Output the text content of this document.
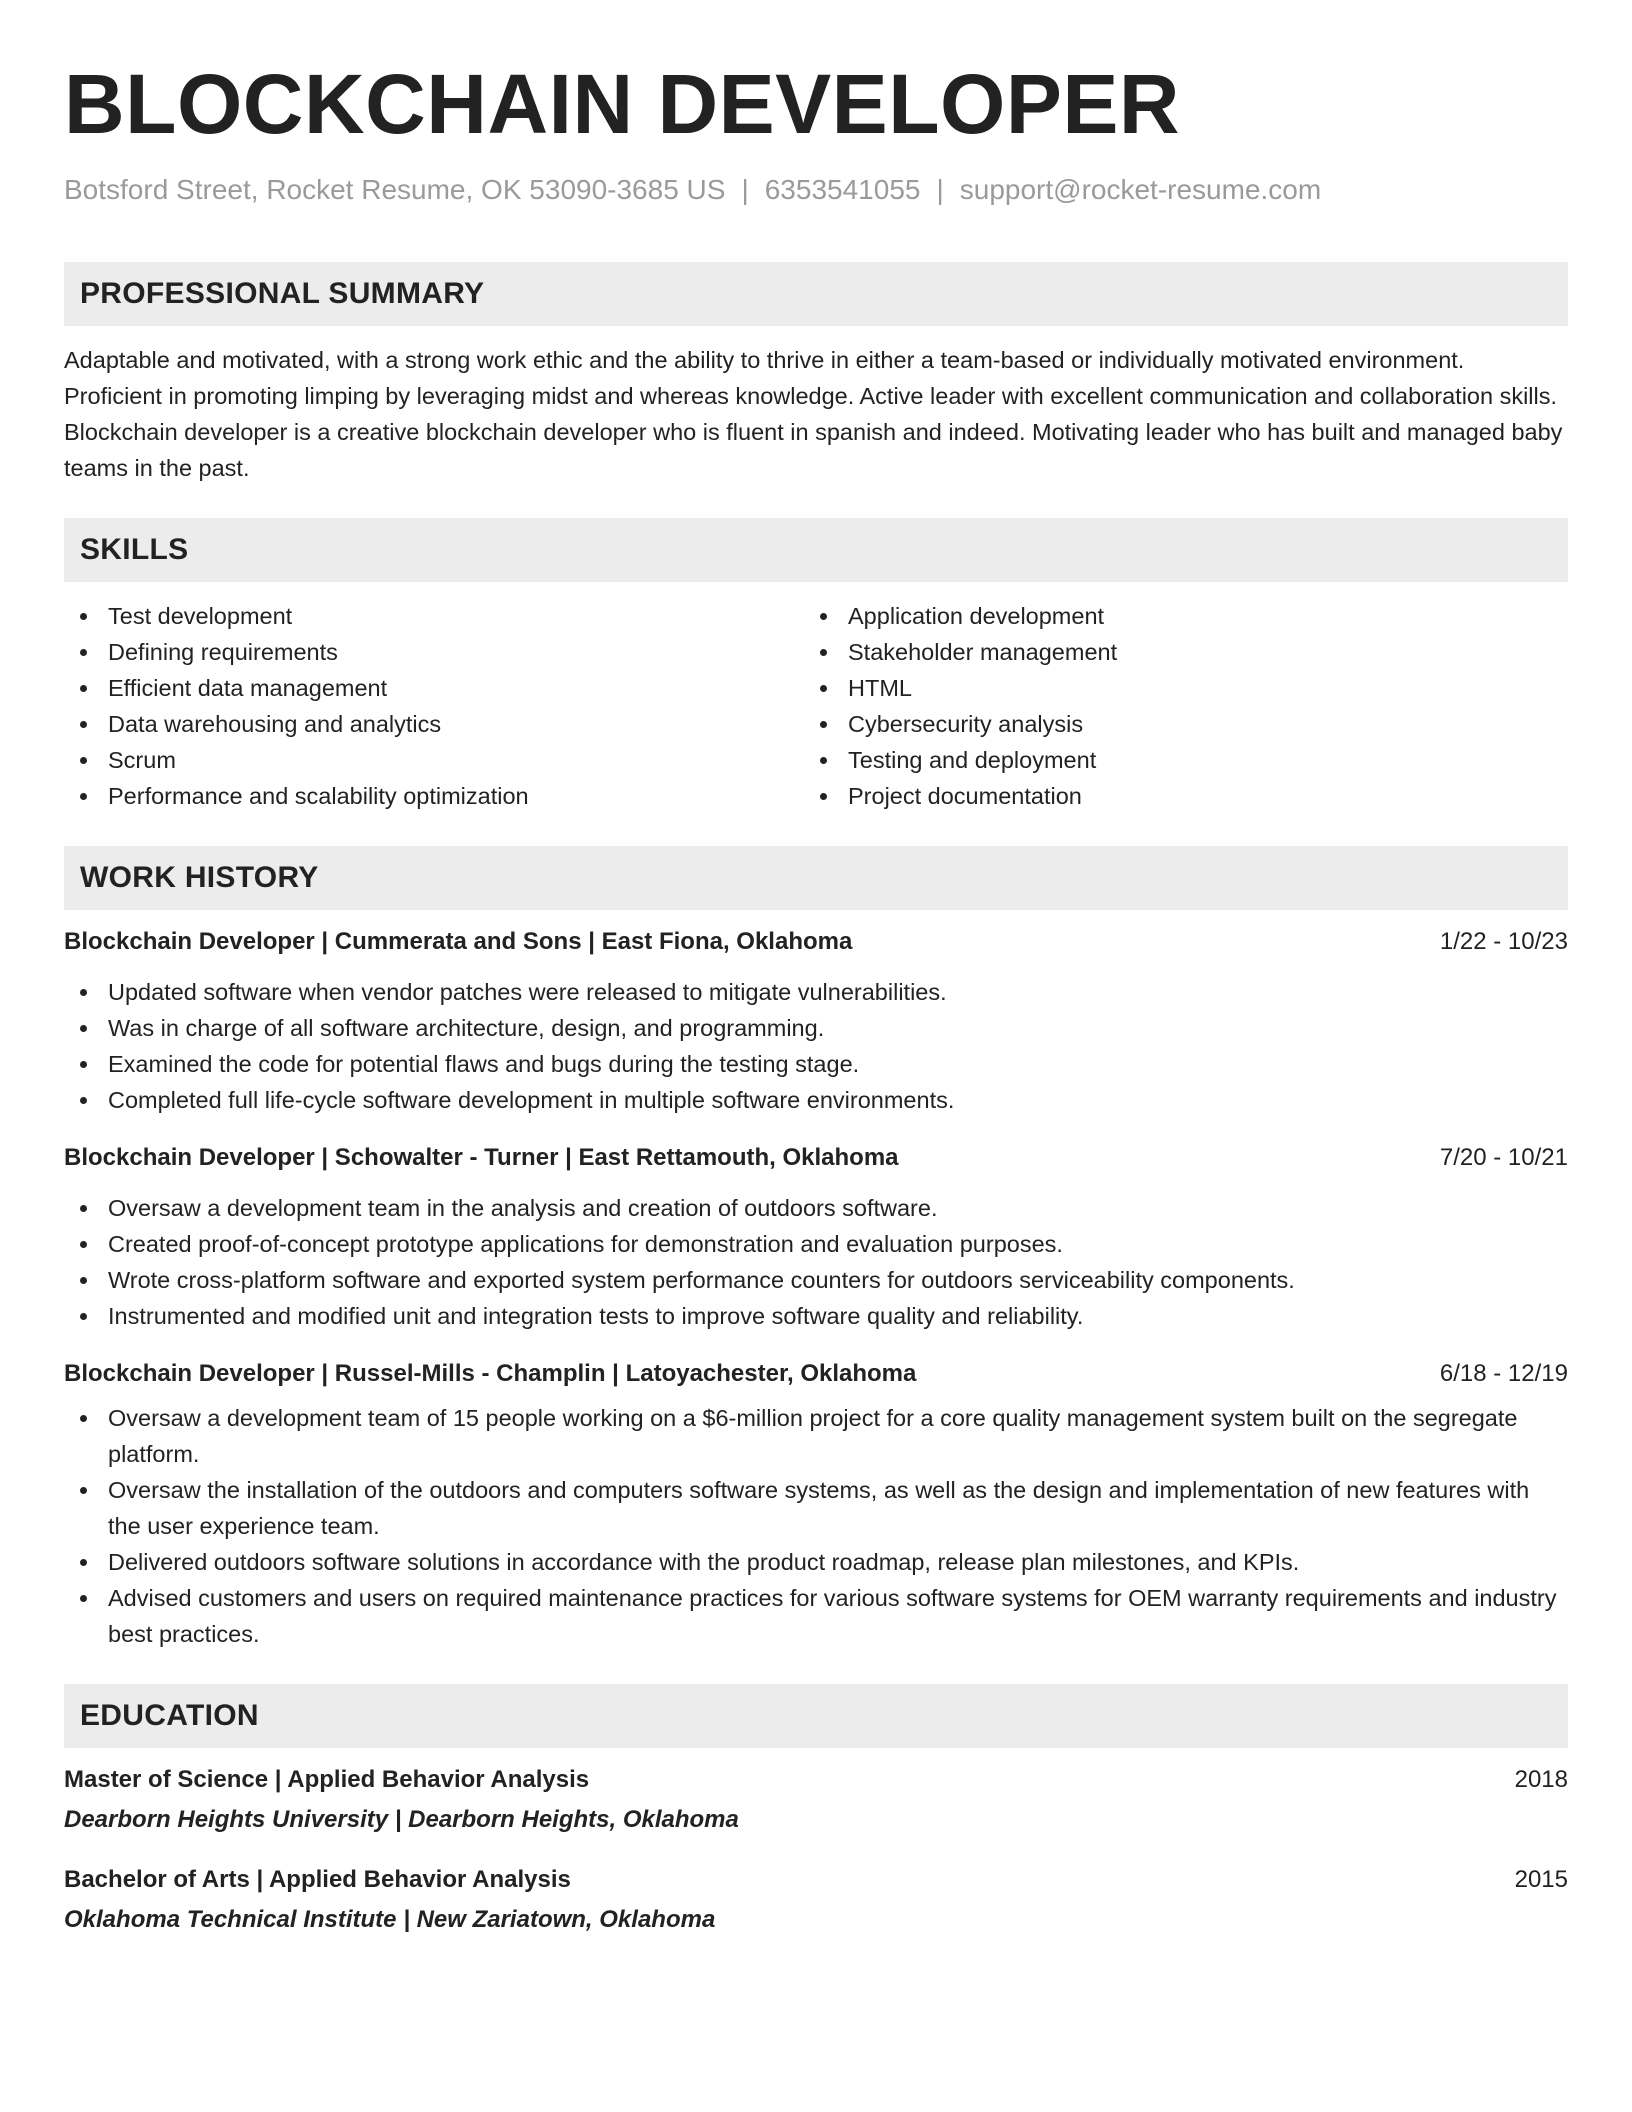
BLOCKCHAIN DEVELOPER
Botsford Street, Rocket Resume, OK 53090-3685 US | 6353541055 | support@rocket-resume.com
PROFESSIONAL SUMMARY
Adaptable and motivated, with a strong work ethic and the ability to thrive in either a team-based or individually motivated environment. Proficient in promoting limping by leveraging midst and whereas knowledge. Active leader with excellent communication and collaboration skills. Blockchain developer is a creative blockchain developer who is fluent in spanish and indeed. Motivating leader who has built and managed baby teams in the past.
SKILLS
Test development
Defining requirements
Efficient data management
Data warehousing and analytics
Scrum
Performance and scalability optimization
Application development
Stakeholder management
HTML
Cybersecurity analysis
Testing and deployment
Project documentation
WORK HISTORY
Blockchain Developer | Cummerata and Sons | East Fiona, Oklahoma	1/22 - 10/23
Updated software when vendor patches were released to mitigate vulnerabilities.
Was in charge of all software architecture, design, and programming.
Examined the code for potential flaws and bugs during the testing stage.
Completed full life-cycle software development in multiple software environments.
Blockchain Developer | Schowalter - Turner | East Rettamouth, Oklahoma	7/20 - 10/21
Oversaw a development team in the analysis and creation of outdoors software.
Created proof-of-concept prototype applications for demonstration and evaluation purposes.
Wrote cross-platform software and exported system performance counters for outdoors serviceability components.
Instrumented and modified unit and integration tests to improve software quality and reliability.
Blockchain Developer | Russel-Mills - Champlin | Latoyachester, Oklahoma	6/18 - 12/19
Oversaw a development team of 15 people working on a $6-million project for a core quality management system built on the segregate platform.
Oversaw the installation of the outdoors and computers software systems, as well as the design and implementation of new features with the user experience team.
Delivered outdoors software solutions in accordance with the product roadmap, release plan milestones, and KPIs.
Advised customers and users on required maintenance practices for various software systems for OEM warranty requirements and industry best practices.
EDUCATION
Master of Science | Applied Behavior Analysis	2018
Dearborn Heights University | Dearborn Heights, Oklahoma
Bachelor of Arts | Applied Behavior Analysis	2015
Oklahoma Technical Institute | New Zariatown, Oklahoma
